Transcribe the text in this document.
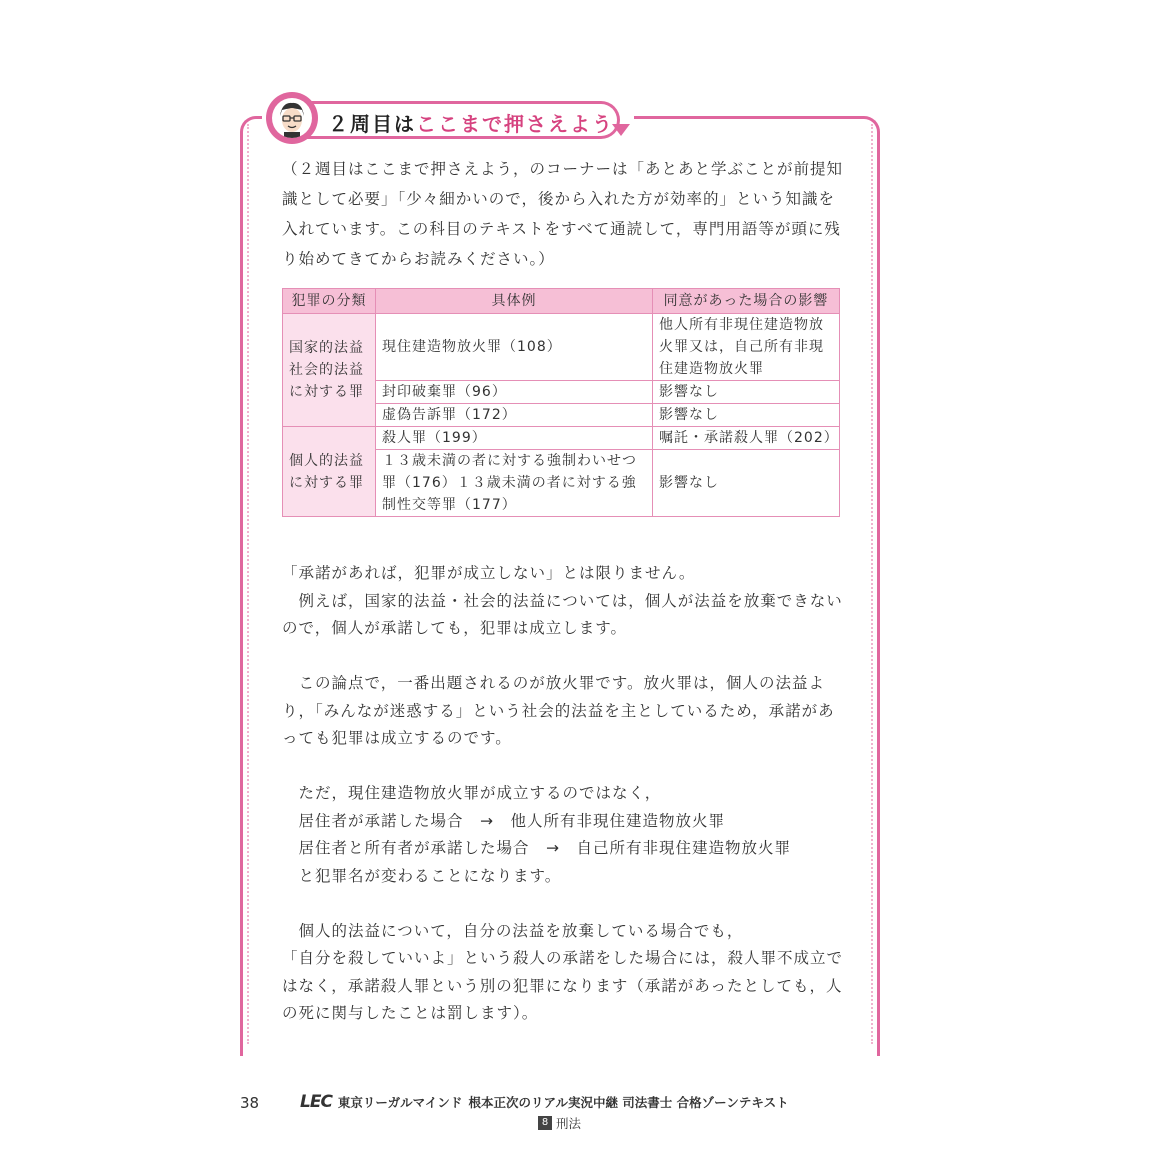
２周目はここまで押さえよう
（２週目はここまで押さえよう，のコーナーは「あとあと学ぶことが前提知識として必要」「少々細かいので，後から入れた方が効率的」という知識を入れています。この科目のテキストをすべて通読して，専門用語等が頭に残り始めてきてからお読みください。）
犯罪の分類	具体例	同意があった場合の影響
国家的法益社会的法益に対する罪	現住建造物放火罪（108）	他人所有非現住建造物放火罪又は，自己所有非現住建造物放火罪
	封印破棄罪（96）	影響なし
	虚偽告訴罪（172）	影響なし
個人的法益に対する罪	殺人罪（199）	嘱託・承諾殺人罪（202）
	１３歳未満の者に対する強制わいせつ罪（176）１３歳未満の者に対する強制性交等罪（177）	影響なし

「承諾があれば，犯罪が成立しない」とは限りません。

　例えば，国家的法益・社会的法益については，個人が法益を放棄できないので，個人が承諾しても，犯罪は成立します。

　この論点で，一番出題されるのが放火罪です。放火罪は，個人の法益より，「みんなが迷惑する」という社会的法益を主としているため，承諾があっても犯罪は成立するのです。

　ただ，現住建造物放火罪が成立するのではなく，

　居住者が承諾した場合　→　他人所有非現住建造物放火罪

　居住者と所有者が承諾した場合　→　自己所有非現住建造物放火罪

　と犯罪名が変わることになります。

　個人的法益について，自分の法益を放棄している場合でも，

「自分を殺していいよ」という殺人の承諾をした場合には，殺人罪不成立ではなく，承諾殺人罪という別の犯罪になります（承諾があったとしても，人の死に関与したことは罰します）。

38 LEC 東京リーガルマインド 根本正次のリアル実況中継 司法書士 合格ゾーンテキスト
8 刑法
